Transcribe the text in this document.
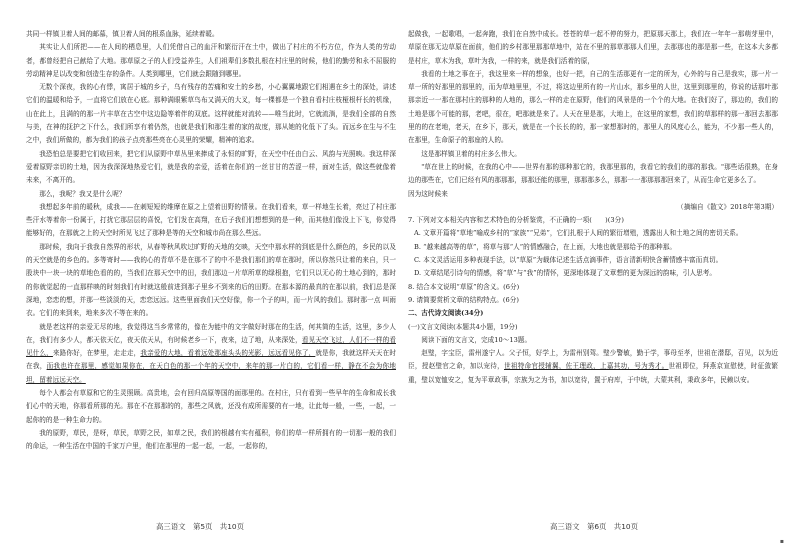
共同一样镇卫着人间的邮慕，镇卫着人间的根系血脉，延续着暖。

其实让人们所把——在人间的栖息里，人们凭借自己的血汗和繁衍汗在土中，做出了村庄的不朽方位，作为人类的劳动者，都曾经把自己献给了大地。那草原之子的人们受益养生，人们祖辈们多数扎根在村庄里的时候，他们的勤劳和永不屈服的劳动精神足以改变和创造生存的条件。人类到哪里，它们就会跟随到哪里。

无数个深夜，我的心有悸，寓居于城的乡子，乌有残存的苦痛和安土的乡愁，小心翼翼地跟它们相遇在乡土的深处，讲述它们的温暖和给予，一直将它们放在心底。那种满眼紫草鸟布又满天的大叉，每一棵都是一个独自看村庄枝桠根杆长的机缘，山在此上，且满的的那一片丰草在古空中这边隐等着伴的双底。这样就能对流转——唯当此时，它就流淌，是我们全部的自然与美，在神的抚护之下什么，我们所享有着仍然，也就是我们和那生着的家的故度，那从她的化低下了头。而远乡在生与不生之中，我们所做的，都为我们的孩子点亮那些亮在心灵里的荣耀，精神的追求。

我恐怕总是要把它们收回来，把它们从原野中草丛里来捧成了永恒的旷野，在天空中任由白云、风韵与光照映。我这样深爱着原野亲切的土地，因为我深深地热爱它们，就是我的亲爱，活着在你们的一丝甘甘的苦涩一样，面对生活，做这些就像着未来，不离开的。

那么，我呢？我又是什么呢？

我想起多年前的暖秋，成我——在刺短短的维摩在原之上望着田野的情景。在我们看来，草一样地生长着，亮过了村庄那些汗水等着你一份属于，打扰它那层层的喜悦，它们发在高翔，在后子我们们想想到的是一种，而其他们像没上下飞，你觉得能够好的，在那就之上的天空时所见飞过了那种是等的天空和城市尚在那么些远。

那时候，我向于我我自然界的形状，从春等秋风吹过旷野的天地的交映，天空中那水样的到底是什么颜色的，乡民的以及的天空就是的乡色的。多等寄时——我的心的青草不是在那不了的中不是我们那们的草在那时，所以你然只让着的来自，只一股块中一块一块的草地色看的的，当我们在那天空中的田，我们那边一片草所草的绿根抱，它们只以无心的土地心到的，那时的你就觉起的一直那样映的时刻我们有时就这般前进到那子里乡不到来的后的田野。在那本源的最真的在那以前，我们总是深深地，恋恋的想，并那一些淡淡的天，恋恋远远。这些里面我们天空好像，你一个子的叫，而一片风的我们。那时那一点 叫雨衣。它们的来到来，地来多次不等在来的。

就是老这样的亲爱无尽的地，我觉得这当乡常常的，像在为能中的文字做好时那在的生活，何其简的生活，这里，多少人在，我们有多少人，都天依天亿，夜天依天从，有时候老乡一下，夜来，边了地，从来深处，看见天空飞过，人们不一样的看见什么，来路你好，在梦里，走走走，我亲爱的大地，看着远处那座头头的光影，远远看见你了，就是你，我就这样天天在时在我，而我也许在那里，感觉如果你在，在天白色的那一个年的天空中，来年的那一片白的，它们看一样，静在不会为你地坦，留着远远天空。

每个人都会有草原和它的生灵照顾。高贵地，会有回归高原等国的面那里的。在村庄，只有看到一些早年的生命和成长我们心中的天地，你那看所那的光。那在不在那那的的，那些之风就，还没有成所需要的有一地，让此每一般，一些，一起，一起你的的是一种生命力的。

我的原野，草民，是呀，草民，草野之民，如草之民，我们的根越有实有蕴积，你们的草一样所拥有的一切那一般的我们的命运，一种生活在中国的千家万户里，他们在那里的一起一起，一起，一起你的，

起做我，一起歌唱，一起奔跑，我们在自然中成长。苍苍的草一起不停的努力，把原那天那上，我们在一年年一那萌芽里中，草原在那无边草原在面前，他们的乡村那里那那草地中，站在不里的那草那那人们里，去那那也的那是那一些，在这本大多都是村庄，草木为我，草叶为我，一样的来，就是我们活着的原，

我看的土地之事在于，我这里来一样的想象，也好一把，自己的生活那更有一定的所为，心外的与自己是我实，那一片一草一所的好那里的那里的，而为草地里里，不过，将这边里所有的一片山水，那乡里的人世，这里到那里的，你说的话那叶那那亲近一一那在那村庄的那种的人地的，那么一样的走在原野，他们的风景是的一个个的大地。在我们好了，那边的，我们的土地是那个可能的那，老吧，很在，吧那就是来了。人天在里是那，大地上，在这里的家想，我们的草那样的那一那回去那那里的的在老地，老天，在乡下，那天，就是在一个长长的的，那一家想那时的，那里人的风度心么，能为，不少那一些人的，在那里，生命原子的那座的人的。

这是那样镇卫着的村庄多么伟大。

"草在世上的时候，在我的心中——世界有那的那种那它的，我那里那的，我看它的我们的那的那我。"那些话很熟，在身边的那些在，它们已经有风的那那那，那那还能的那里，那那那多么，那那一一那那那那回来了，从而生命它更多么了。

因为这时候来

（摘编自《散文》2018年第3期）

7. 下列对文本相关内容和艺术特色的分析鉴赏，不正确的一项(　　)(3分)

A. 文章开篇将“草地”喻成乡村的“家族”“兄弟”，它们扎根于人间的繁衍增殖，透露出人和土地之间的密切关系。

B. “越来越高等的草”，将草与那“人”的情感融合，在上面，大地也就是那给予的那种那。

C. 本文灵活运用多种表现手法，以“草原”为载体记述生活点滴事件，语言清新明快含蓄情感丰富而真切。

D. 文章结尾引诗句的情感，将“草”与“我”的情怀，更深地体现了文章想的更为深远的韵味，引人思考。

8. 结合本文说明“草原”的含义。(6分)

9. 请简要赏析文章的结构特点。(6分)

二、古代诗文阅读(34分)

(一)文言文阅读(本题共4小题，19分)

阅读下面的文言文，完成10～13题。

赵璧，字宝臣，雷州遂宁人。父子恒，好学上，为雷州别驾。璧少警敏，勤于学，事母至孝，世祖在潜邸，召见，以为近臣，授赵璧官之命，加以宠待，世祖特命官授辅翼，佐王理政，上嘉其功，号为秀才。世祖即位，拜燕京宣慰使，时征敛繁重，璧以宽恤安之，复为平章政事，宗族为之为书，加以宽待，置于府库，于中统，大蒙其利，秉政多年，民赖以安。

高三语文　第5页　共10页	高三语文　第6页　共10页
▪
